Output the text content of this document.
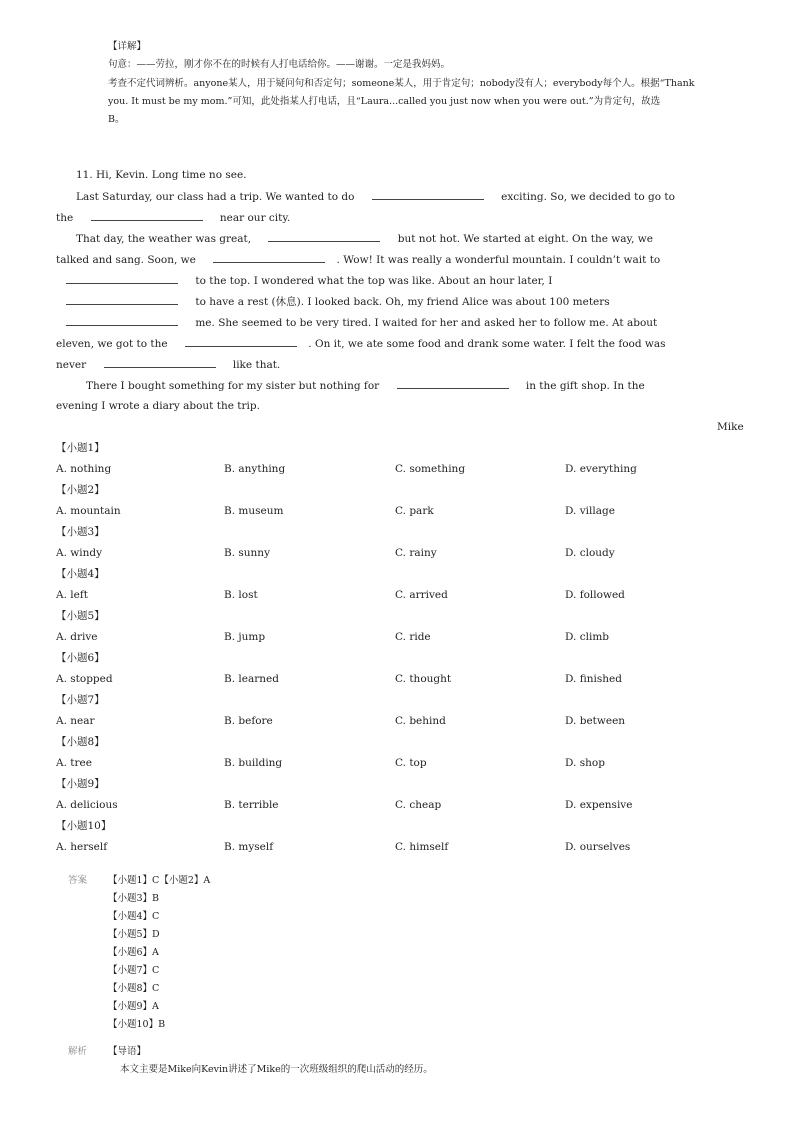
【详解】
句意：——劳拉，刚才你不在的时候有人打电话给你。——谢谢。一定是我妈妈。
考查不定代词辨析。anyone某人，用于疑问句和否定句；someone某人，用于肯定句；nobody没有人；everybody每个人。根据“Thank
you. It must be my mom.”可知，此处指某人打电话，且“Laura...called you just now when you were out.”为肯定句，故选
B。
11. Hi, Kevin. Long time no see.
Last Saturday, our class had a trip. We wanted to do	exciting. So, we decided to go to
the	near our city.
That day, the weather was great,	but not hot. We started at eight. On the way, we
talked and sang. Soon, we	. Wow! It was really a wonderful mountain. I couldn’t wait to
to the top. I wondered what the top was like. About an hour later, I
to have a rest (休息). I looked back. Oh, my friend Alice was about 100 meters
me. She seemed to be very tired. I waited for her and asked her to follow me. At about
eleven, we got to the	. On it, we ate some food and drank some water. I felt the food was
never	like that.
There I bought something for my sister but nothing for	in the gift shop. In the
evening I wrote a diary about the trip.
Mike
【小题1】
A. nothing	B. anything	C. something	D. everything
【小题2】
A. mountain	B. museum	C. park	D. village
【小题3】
A. windy	B. sunny	C. rainy	D. cloudy
【小题4】
A. left	B. lost	C. arrived	D. followed
【小题5】
A. drive	B. jump	C. ride	D. climb
【小题6】
A. stopped	B. learned	C. thought	D. finished
【小题7】
A. near	B. before	C. behind	D. between
【小题8】
A. tree	B. building	C. top	D. shop
【小题9】
A. delicious	B. terrible	C. cheap	D. expensive
【小题10】
A. herself	B. myself	C. himself	D. ourselves
答案 【小题1】C【小题2】A
【小题3】B
【小题4】C
【小题5】D
【小题6】A
【小题7】C
【小题8】C
【小题9】A
【小题10】B
解析 【导语】
本文主要是Mike向Kevin讲述了Mike的一次班级组织的爬山活动的经历。
